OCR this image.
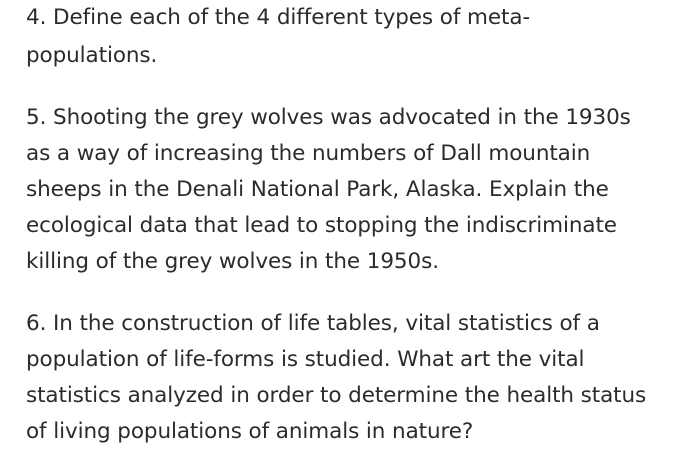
4. Define each of the 4 different types of meta-
populations.
5. Shooting the grey wolves was advocated in the 1930s
as a way of increasing the numbers of Dall mountain
sheeps in the Denali National Park, Alaska. Explain the
ecological data that lead to stopping the indiscriminate
killing of the grey wolves in the 1950s.
6. In the construction of life tables, vital statistics of a
population of life-forms is studied. What art the vital
statistics analyzed in order to determine the health status
of living populations of animals in nature?
